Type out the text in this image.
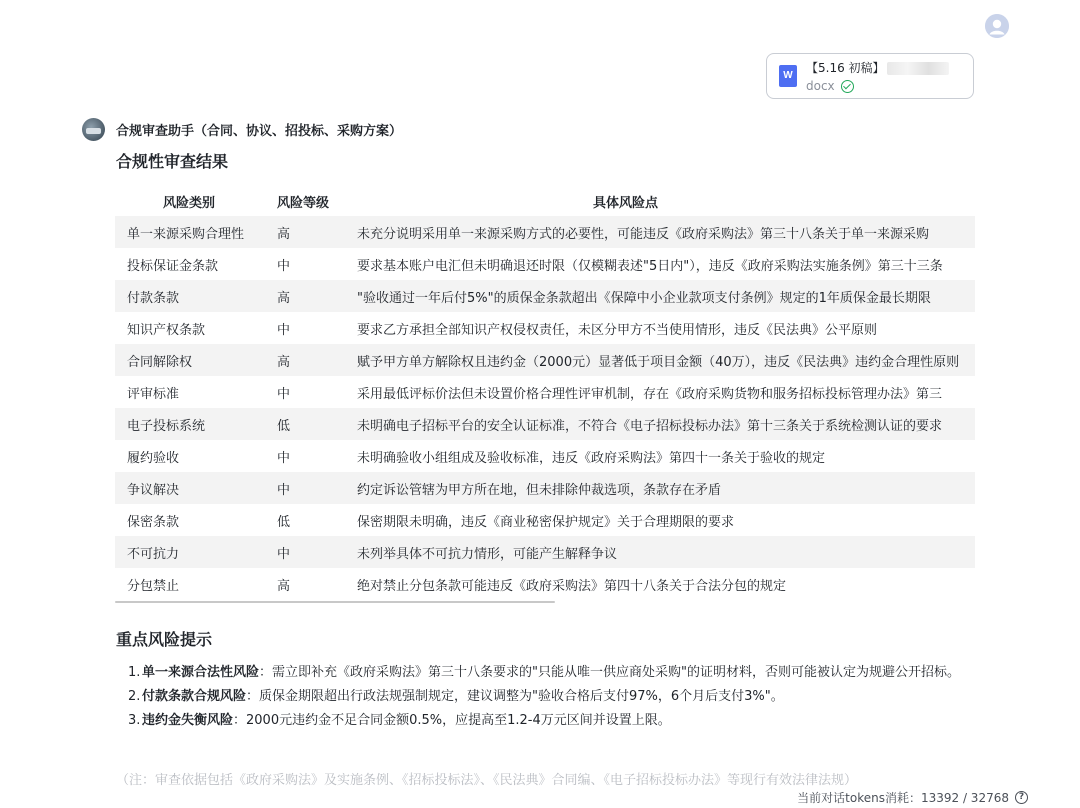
W
【5.16 初稿】
docx
合规审查助手（合同、协议、招投标、采购方案）
合规性审查结果
风险类别	风险等级	具体风险点
单一来源采购合理性	高	未充分说明采用单一来源采购方式的必要性，可能违反《政府采购法》第三十八条关于单一来源采购
投标保证金条款	中	要求基本账户电汇但未明确退还时限（仅模糊表述"5日内"），违反《政府采购法实施条例》第三十三条
付款条款	高	"验收通过一年后付5%"的质保金条款超出《保障中小企业款项支付条例》规定的1年质保金最长期限
知识产权条款	中	要求乙方承担全部知识产权侵权责任，未区分甲方不当使用情形，违反《民法典》公平原则
合同解除权	高	赋予甲方单方解除权且违约金（2000元）显著低于项目金额（40万），违反《民法典》违约金合理性原则
评审标准	中	采用最低评标价法但未设置价格合理性评审机制，存在《政府采购货物和服务招标投标管理办法》第三
电子投标系统	低	未明确电子招标平台的安全认证标准，不符合《电子招标投标办法》第十三条关于系统检测认证的要求
履约验收	中	未明确验收小组组成及验收标准，违反《政府采购法》第四十一条关于验收的规定
争议解决	中	约定诉讼管辖为甲方所在地，但未排除仲裁选项，条款存在矛盾
保密条款	低	保密期限未明确，违反《商业秘密保护规定》关于合理期限的要求
不可抗力	中	未列举具体不可抗力情形，可能产生解释争议
分包禁止	高	绝对禁止分包条款可能违反《政府采购法》第四十八条关于合法分包的规定
重点风险提示
1. 单一来源合法性风险：需立即补充《政府采购法》第三十八条要求的"只能从唯一供应商处采购"的证明材料，否则可能被认定为规避公开招标。
2. 付款条款合规风险：质保金期限超出行政法规强制规定，建议调整为"验收合格后支付97%，6个月后支付3%"。
3. 违约金失衡风险：2000元违约金不足合同金额0.5%，应提高至1.2-4万元区间并设置上限。
（注：审查依据包括《政府采购法》及实施条例、《招标投标法》、《民法典》合同编、《电子招标投标办法》等现行有效法律法规）
当前对话tokens消耗：13392 / 32768	?
